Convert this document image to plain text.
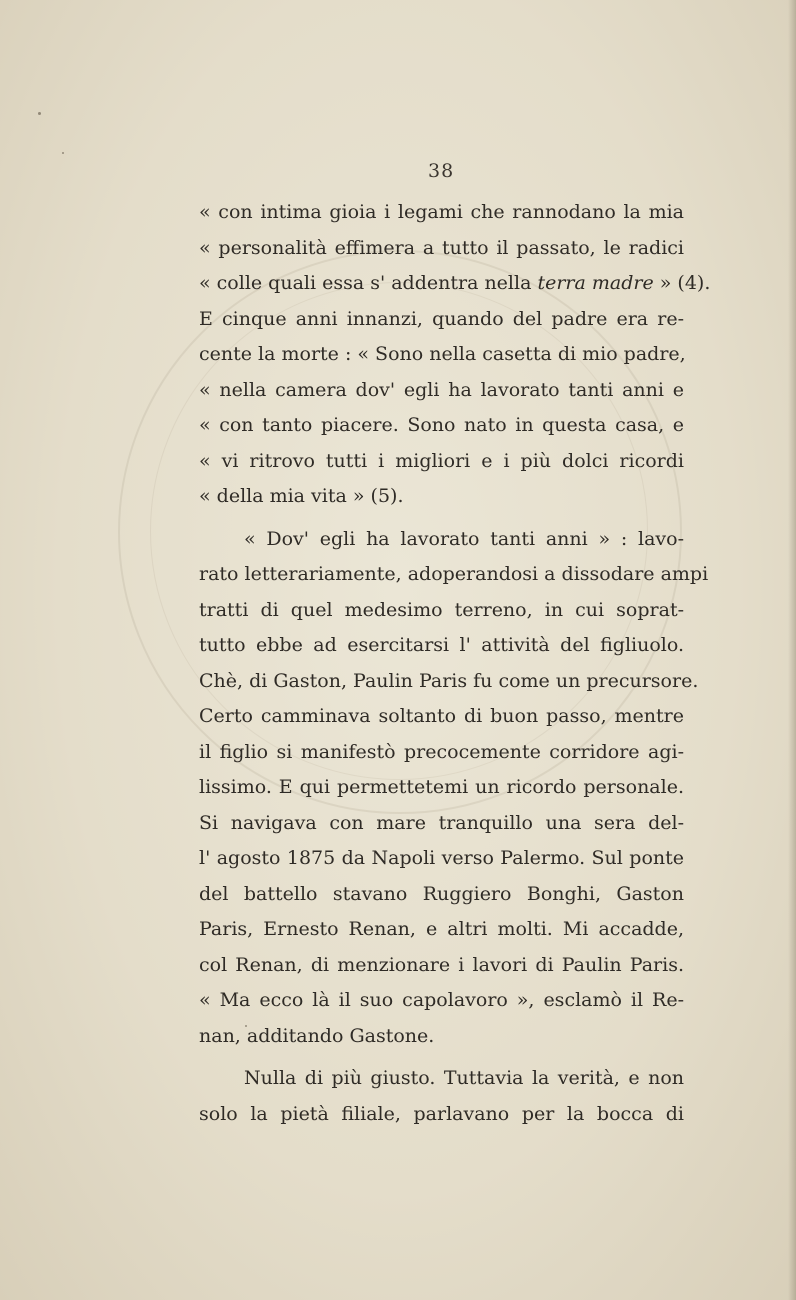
38
« con intima gioia i legami che rannodano la mia
« personalità effimera a tutto il passato, le radici
« colle quali essa s' addentra nella terra madre » (4).
E cinque anni innanzi, quando del padre era re-
cente la morte : « Sono nella casetta di mio padre,
« nella camera dov' egli ha lavorato tanti anni e
« con tanto piacere. Sono nato in questa casa, e
« vi ritrovo tutti i migliori e i più dolci ricordi
« della mia vita » (5).
« Dov' egli ha lavorato tanti anni » : lavo-
rato letterariamente, adoperandosi a dissodare ampi
tratti di quel medesimo terreno, in cui soprat-
tutto ebbe ad esercitarsi l' attività del figliuolo.
Chè, di Gaston, Paulin Paris fu come un precursore.
Certo camminava soltanto di buon passo, mentre
il figlio si manifestò precocemente corridore agi-
lissimo. E qui permettetemi un ricordo personale.
Si navigava con mare tranquillo una sera del-
l' agosto 1875 da Napoli verso Palermo. Sul ponte
del battello stavano Ruggiero Bonghi, Gaston
Paris, Ernesto Renan, e altri molti. Mi accadde,
col Renan, di menzionare i lavori di Paulin Paris.
« Ma ecco là il suo capolavoro », esclamò il Re-
nan, additando Gastone.
Nulla di più giusto. Tuttavia la verità, e non
solo la pietà filiale, parlavano per la bocca di
